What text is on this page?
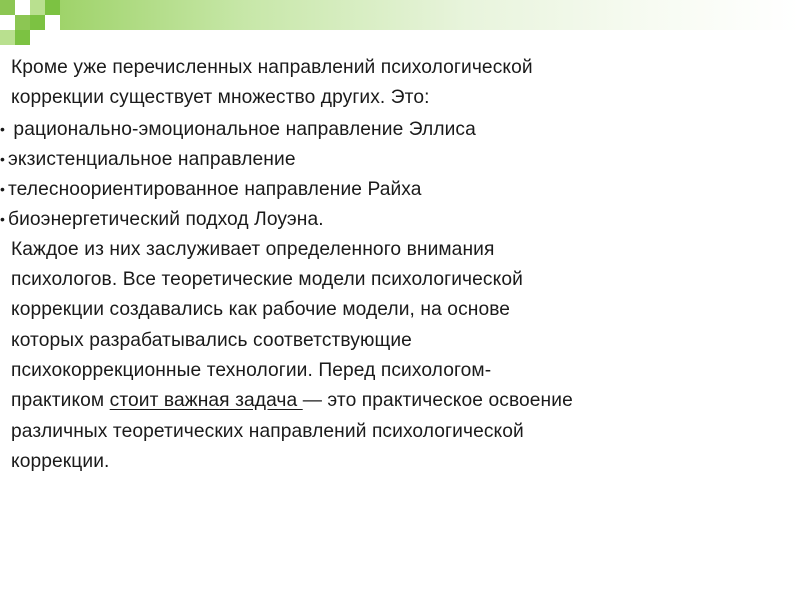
Кроме уже перечисленных направлений психологической
коррекции существует множество других. Это:
• рационально-эмоциональное направление Эллиса
• экзистенциальное направление
• телесноориентированное направление Райха
• биоэнергетический подход Лоуэна.
Каждое из них заслуживает определенного внимания
психологов. Все теоретические модели психологической
коррекции создавались как рабочие модели, на основе
которых разрабатывались соответствующие
психокоррекционные технологии. Перед психологом-
практиком стоит важная задача — это практическое освоение
различных теоретических направлений психологической
коррекции.
